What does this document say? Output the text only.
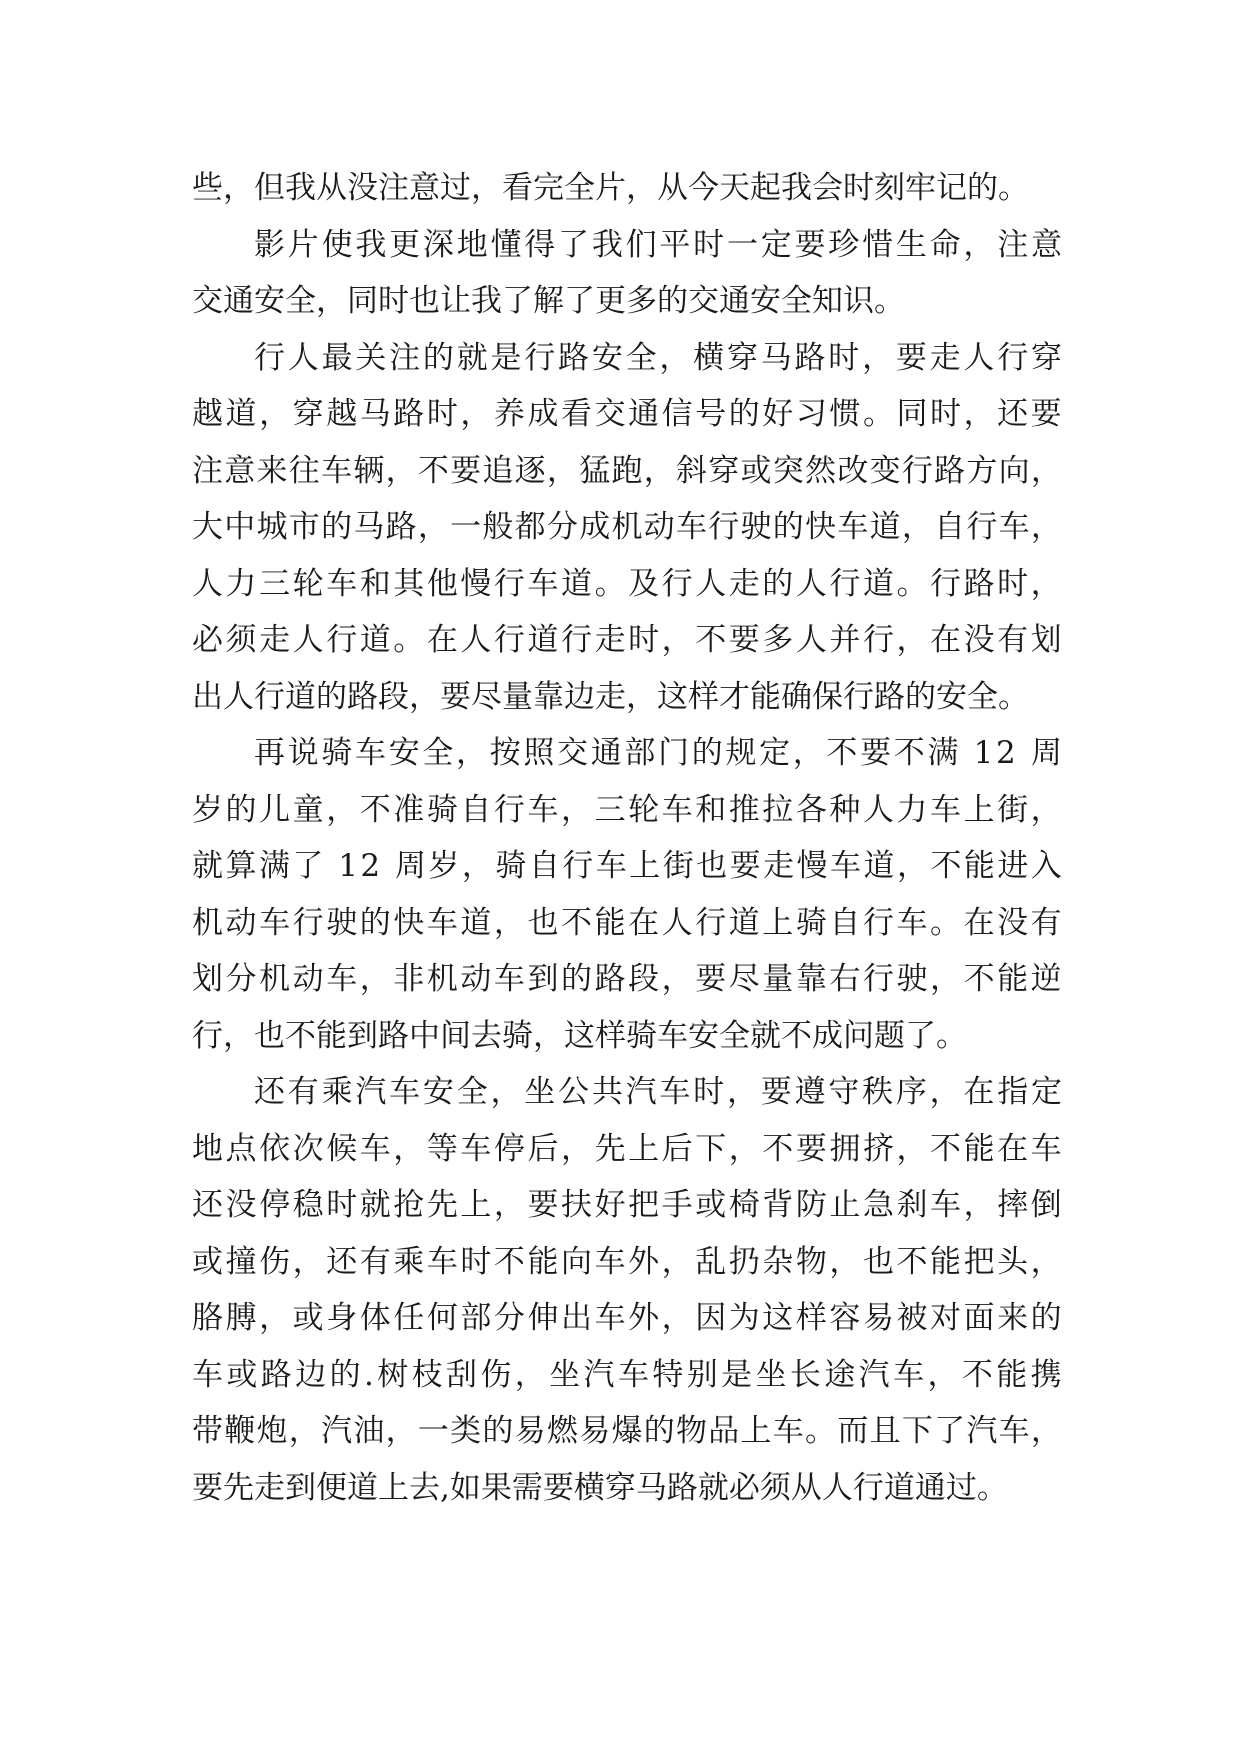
些，但我从没注意过，看完全片，从今天起我会时刻牢记的。
影 片 使 我 更 深 地 懂 得 了 我 们 平 时 一 定 要 珍 惜 生 命 ， 注 意
交通安全，同时也让我了解了更多的交通安全知识。
行 人 最 关 注 的 就 是 行 路 安 全 ， 横 穿 马 路 时 ， 要 走 人 行 穿
越 道 ， 穿 越 马 路 时 ， 养 成 看 交 通 信 号 的 好 习 惯 。 同 时 ， 还 要
注 意 来 往 车 辆 ， 不 要 追 逐 ， 猛 跑 ， 斜 穿 或 突 然 改 变 行 路 方 向 ，
大 中 城 市 的 马 路 ， 一 般 都 分 成 机 动 车 行 驶 的 快 车 道 ， 自 行 车 ，
人 力 三 轮 车 和 其 他 慢 行 车 道 。 及 行 人 走 的 人 行 道 。 行 路 时 ，
必 须 走 人 行 道 。 在 人 行 道 行 走 时 ， 不 要 多 人 并 行 ， 在 没 有 划
出人行道的路段，要尽量靠边走，这样才能确保行路的安全。
再 说 骑 车 安 全 ， 按 照 交 通 部 门 的 规 定 ， 不 要 不 满
1 2
周
岁 的 儿 童 ， 不 准 骑 自 行 车 ， 三 轮 车 和 推 拉 各 种 人 力 车 上 街 ，
就 算 满 了
1 2
周 岁 ， 骑 自 行 车 上 街 也 要 走 慢 车 道 ， 不 能 进 入
机 动 车 行 驶 的 快 车 道 ， 也 不 能 在 人 行 道 上 骑 自 行 车 。 在 没 有
划 分 机 动 车 ， 非 机 动 车 到 的 路 段 ， 要 尽 量 靠 右 行 驶 ， 不 能 逆
行，也不能到路中间去骑，这样骑车安全就不成问题了。
还 有 乘 汽 车 安 全 ， 坐 公 共 汽 车 时 ， 要 遵 守 秩 序 ， 在 指 定
地 点 依 次 候 车 ， 等 车 停 后 ， 先 上 后 下 ， 不 要 拥 挤 ， 不 能 在 车
还 没 停 稳 时 就 抢 先 上 ， 要 扶 好 把 手 或 椅 背 防 止 急 刹 车 ， 摔 倒
或 撞 伤 ， 还 有 乘 车 时 不 能 向 车 外 ， 乱 扔 杂 物 ， 也 不 能 把 头 ，
胳 膊 ， 或 身 体 任 何 部 分 伸 出 车 外 ， 因 为 这 样 容 易 被 对 面 来 的
车 或 路 边 的 . 树 枝 刮 伤 ， 坐 汽 车 特 别 是 坐 长 途 汽 车 ， 不 能 携
带 鞭 炮 ， 汽 油 ， 一 类 的 易 燃 易 爆 的 物 品 上 车 。 而 且 下 了 汽 车 ，
要先走到便道上去,如果需要横穿马路就必须从人行道通过。
